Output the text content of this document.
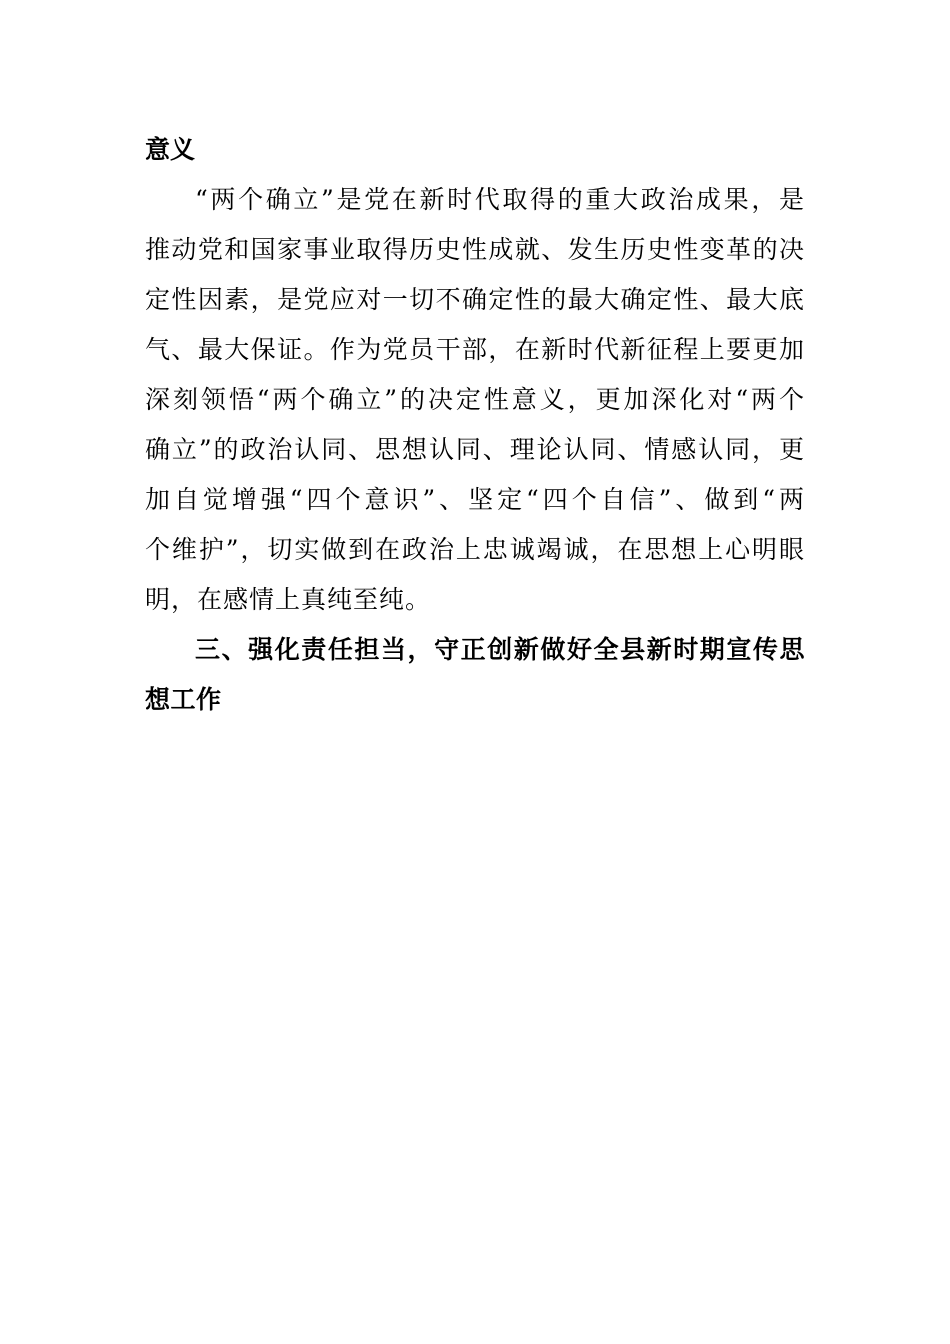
意义
“两个确立”是党在新时代取得的重大政治成果，是
推动党和国家事业取得历史性成就、发生历史性变革的决
定性因素，是党应对一切不确定性的最大确定性、最大底
气、最大保证。作为党员干部，在新时代新征程上要更加
深刻领悟“两个确立”的决定性意义，更加深化对“两个
确立”的政治认同、思想认同、理论认同、情感认同，更
加自觉增强“四个意识”、坚定“四个自信”、做到“两
个维护”，切实做到在政治上忠诚竭诚，在思想上心明眼
明，在感情上真纯至纯。
三、强化责任担当，守正创新做好全县新时期宣传思
想工作
